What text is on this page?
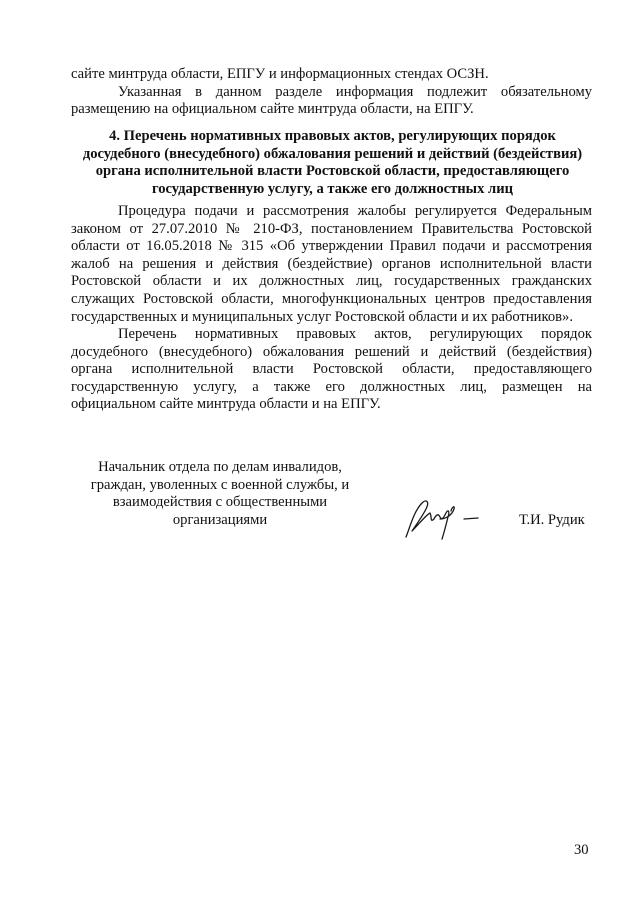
сайте минтруда области, ЕПГУ и информационных стендах ОСЗН.
Указанная в данном разделе информация подлежит обязательному
размещению на официальном сайте минтруда области, на ЕПГУ.
4. Перечень нормативных правовых актов, регулирующих порядок
досудебного (внесудебного) обжалования решений и действий (бездействия)
органа исполнительной власти Ростовской области, предоставляющего
государственную услугу, а также его должностных лиц
Процедура подачи и рассмотрения жалобы регулируется Федеральным
законом от 27.07.2010 № 210-ФЗ, постановлением Правительства Ростовской
области от 16.05.2018 № 315 «Об утверждении Правил подачи и рассмотрения
жалоб на решения и действия (бездействие) органов исполнительной власти
Ростовской области и их должностных лиц, государственных гражданских
служащих Ростовской области, многофункциональных центров предоставления
государственных и муниципальных услуг Ростовской области и их работников».
Перечень нормативных правовых актов, регулирующих порядок
досудебного (внесудебного) обжалования решений и действий (бездействия)
органа исполнительной власти Ростовской области, предоставляющего
государственную услугу, а также его должностных лиц, размещен на
официальном сайте минтруда области и на ЕПГУ.
Начальник отдела по делам инвалидов,
граждан, уволенных с военной службы, и
взаимодействия с общественными
организациями	Т.И. Рудик
30
